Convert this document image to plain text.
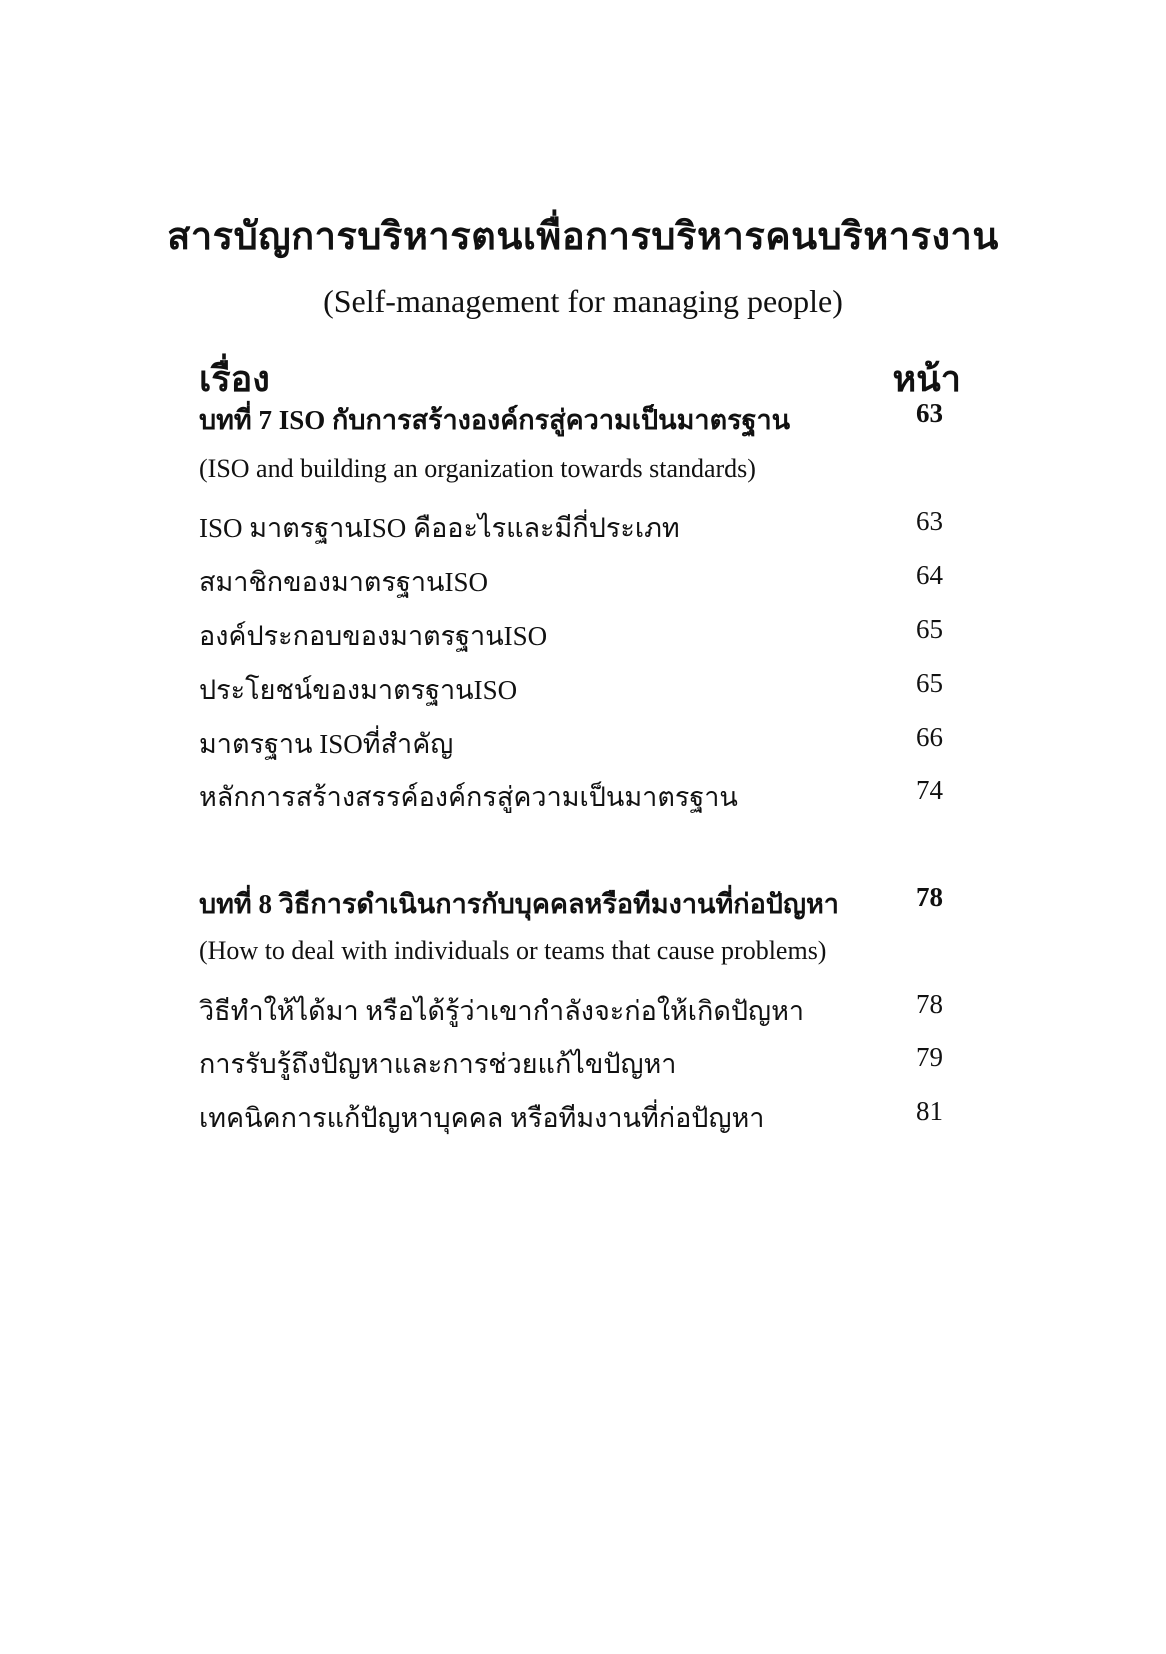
สารบัญการบริหารตนเพื่อการบริหารคนบริหารงาน
(Self-management for managing people)
เรื่อง	หน้า
บทที่ 7 ISO กับการสร้างองค์กรสู่ความเป็นมาตรฐาน	63
(ISO and building an organization towards standards)
ISO มาตรฐานISO คืออะไรและมีกี่ประเภท	63
สมาชิกของมาตรฐานISO	64
องค์ประกอบของมาตรฐานISO	65
ประโยชน์ของมาตรฐานISO	65
มาตรฐาน ISOที่สำคัญ	66
หลักการสร้างสรรค์องค์กรสู่ความเป็นมาตรฐาน	74
บทที่ 8 วิธีการดำเนินการกับบุคคลหรือทีมงานที่ก่อปัญหา	78
(How to deal with individuals or teams that cause problems)
วิธีทำให้ได้มา หรือได้รู้ว่าเขากำลังจะก่อให้เกิดปัญหา	78
การรับรู้ถึงปัญหาและการช่วยแก้ไขปัญหา	79
เทคนิคการแก้ปัญหาบุคคล หรือทีมงานที่ก่อปัญหา	81
